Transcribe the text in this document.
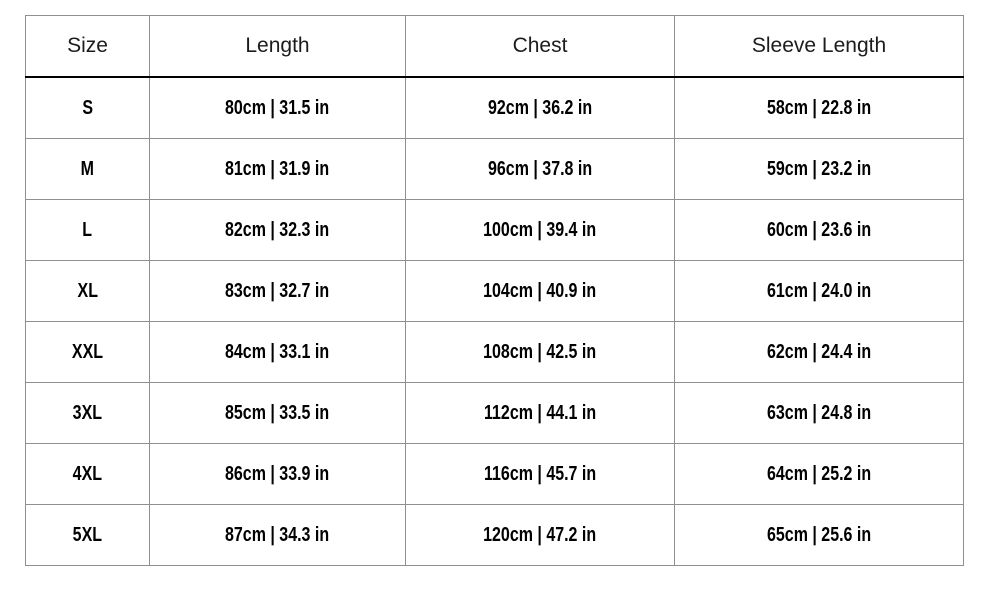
Size	Length	Chest	Sleeve Length
S	80cm | 31.5 in	92cm | 36.2 in	58cm | 22.8 in
M	81cm | 31.9 in	96cm | 37.8 in	59cm | 23.2 in
L	82cm | 32.3 in	100cm | 39.4 in	60cm | 23.6 in
XL	83cm | 32.7 in	104cm | 40.9 in	61cm | 24.0 in
XXL	84cm | 33.1 in	108cm | 42.5 in	62cm | 24.4 in
3XL	85cm | 33.5 in	112cm | 44.1 in	63cm | 24.8 in
4XL	86cm | 33.9 in	116cm | 45.7 in	64cm | 25.2 in
5XL	87cm | 34.3 in	120cm | 47.2 in	65cm | 25.6 in
